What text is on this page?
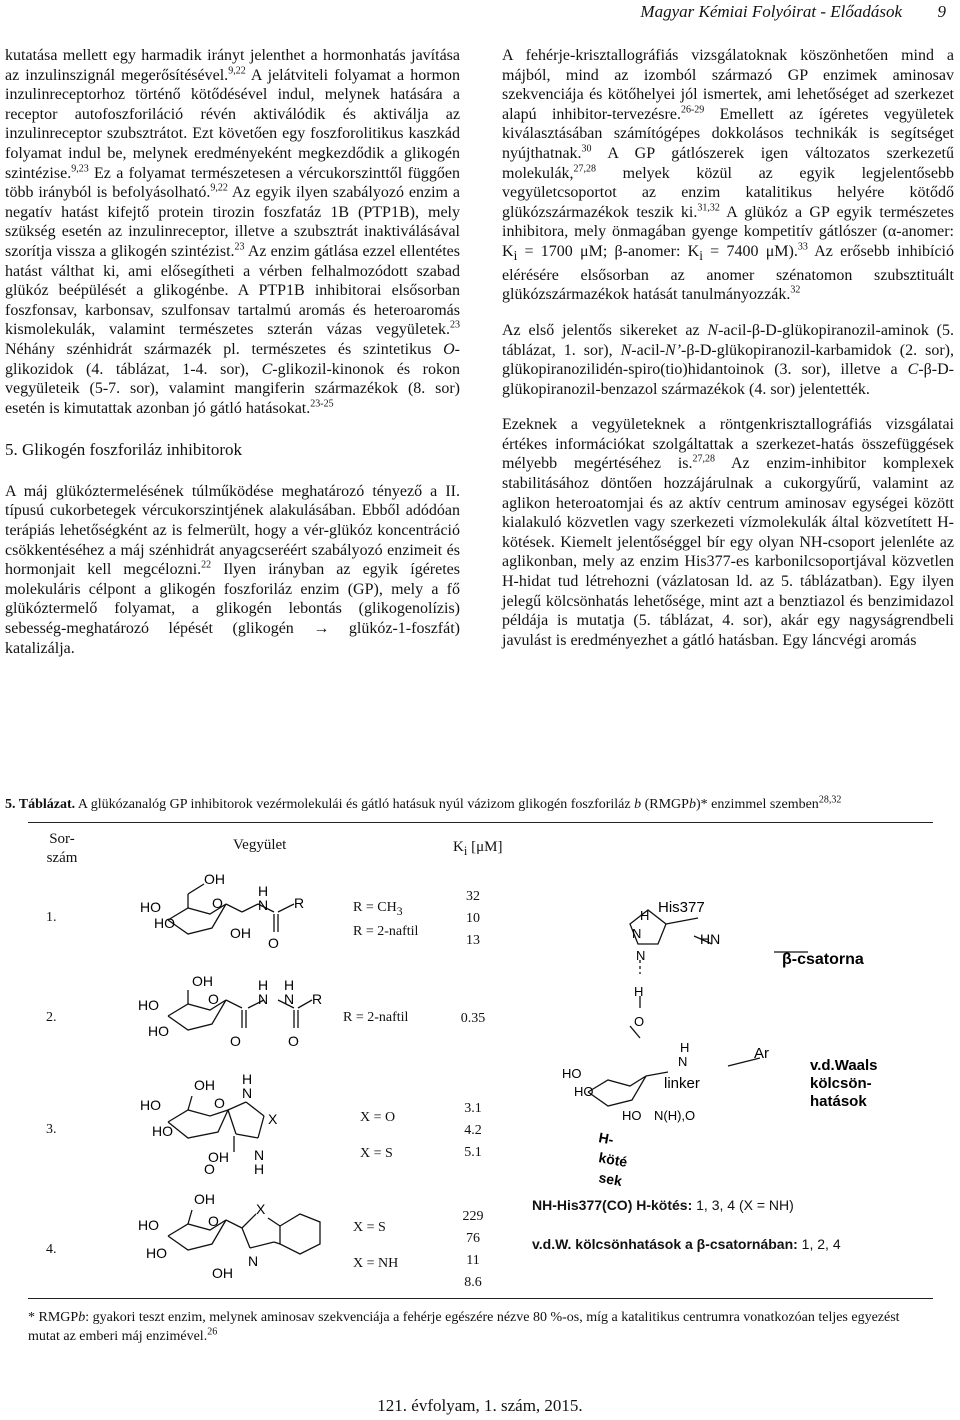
Magyar Kémiai Folyóirat - Előadások 9

kutatása mellett egy harmadik irányt jelenthet a hormonhatás javítása az inzulinszignál megerősítésével.$^{9,22}$ A jelátviteli folyamat a hormon inzulinreceptorhoz történő kötődésével indul, melynek hatására a receptor autofoszforiláció révén aktiválódik és aktiválja az inzulinreceptor szubsztrátot. Ezt követően egy foszforolitikus kaszkád folyamat indul be, melynek eredményeként megkezdődik a glikogén szintézise.$^{9,23}$ Ez a folyamat természetesen a vércukorszinttől függően több irányból is befolyásolható.$^{9,22}$ Az egyik ilyen szabályozó enzim a negatív hatást kifejtő protein tirozin foszfatáz 1B (PTP1B), mely szükség esetén az inzulinreceptor, illetve a szubsztrát inaktiválásával szorítja vissza a glikogén szintézist.$^{23}$ Az enzim gátlása ezzel ellentétes hatást válthat ki, ami elősegítheti a vérben felhalmozódott szabad glükóz beépülését a glikogénbe. A PTP1B inhibitorai elsősorban foszfonsav, karbonsav, szulfonsav tartalmú aromás és heteroaromás kismolekulák, valamint természetes szterán vázas vegyületek.$^{23}$ Néhány szénhidrát származék pl. természetes és szintetikus O-glikozidok (4. táblázat, 1-4. sor), C-glikozil-kinonok és rokon vegyületeik (5-7. sor), valamint mangiferin származékok (8. sor) esetén is kimutattak azonban jó gátló hatásokat.$^{23-25}$

5. Glikogén foszforiláz inhibitorok

A máj glükóztermelésének túlműködése meghatározó tényező a II. típusú cukorbetegek vércukorszintjének alakulásában. Ebből adódóan terápiás lehetőségként az is felmerült, hogy a vér-glükóz koncentráció csökkentéséhez a máj szénhidrát anyagcseréért szabályozó enzimeit és hormonjait kell megcélozni.$^{22}$ Ilyen irányban az egyik ígéretes molekuláris célpont a glikogén foszforiláz enzim (GP), mely a fő glükóztermelő folyamat, a glikogén lebontás (glikogenolízis) sebesség-meghatározó lépését (glikogén → glükóz-1-foszfát) katalizálja.

A fehérje-krisztallográfiás vizsgálatoknak köszönhetően mind a májból, mind az izomból származó GP enzimek aminosav szekvenciája és kötőhelyei jól ismertek, ami lehetőséget ad szerkezet alapú inhibitor-tervezésre.$^{26-29}$ Emellett az ígéretes vegyületek kiválasztásában számítógépes dokkolásos technikák is segítséget nyújthatnak.$^{30}$ A GP gátlószerek igen változatos szerkezetű molekulák,$^{27,28}$ melyek közül az egyik legjelentősebb vegyületcsoportot az enzim katalitikus helyére kötődő glükózszármazékok teszik ki.$^{31,32}$ A glükóz a GP egyik természetes inhibitora, mely önmagában gyenge kompetitív gátlószer (α-anomer: $K_i = 1700$ μM; β-anomer: $K_i = 7400$ μM).$^{33}$ Az erősebb inhibíció elérésére elsősorban az anomer szénatomon szubsztituált glükózszármazékok hatását tanulmányozzák.$^{32}$

Az első jelentős sikereket az N-acil-β-D-glükopiranozil-aminok (5. táblázat, 1. sor), N-acil-N’-β-D-glükopiranozil-karbamidok (2. sor), glükopiranozilidén-spiro(tio)hidantoinok (3. sor), illetve a C-β-D-glükopiranozil-benzazol származékok (4. sor) jelentették.

Ezeknek a vegyületeknek a röntgenkrisztallográfiás vizsgálatai értékes információkat szolgáltattak a szerkezet-hatás összefüggések mélyebb megértéséhez is.$^{27,28}$ Az enzim-inhibitor komplexek stabilitásához döntően hozzájárulnak a cukorgyűrű, valamint az aglikon heteroatomjai és az aktív centrum aminosav egységei között kialakuló közvetlen vagy szerkezeti vízmolekulák által közvetített H-kötések. Kiemelt jelentőséggel bír egy olyan NH-csoport jelenléte az aglikonban, mely az enzim His377-es karbonilcsoportjával közvetlen H-hidat tud létrehozni (vázlatosan ld. az 5. táblázatban). Egy ilyen jelegű kölcsönhatás lehetősége, mint azt a benztiazol és benzimidazol példája is mutatja (5. táblázat, 4. sor), akár egy nagyságrendbeli javulást is eredményezhet a gátló hatásban. Egy láncvégi aromás

5. Táblázat. A glükózanalóg GP inhibitorok vezérmolekulái és gátló hatásuk nyúl vázizom glikogén foszforiláz b (RMGPb)* enzimmel szemben$^{28,32}$
Sor-
szám
Vegyület	$K_i$ [μM]
1.
2.
3.
4.
$R = CH_3$
R = 2-naftil
R = 2-naftil
X = O
X = S
X = S
X = NH
32
10
13
0.35
3.1
4.2
5.1
229
76
11
8.6
OH
HO
HO
O
OH
N
H
R
O
OH
HO
HO
O
O
N
H
N
H
O
R
OH
HO
HO
O
OH
N
H
X
O
N
H
OH
HO
HO
O
X
N
OH
H
N
His377
HN
N
H
O
H
N
linker
Ar
HO
HO
HO N(H),O
β-csatorna
v.d.Waals
kölcsön-
hatások
H-
köté
sek
NH-His377(CO) H-kötés: 1, 3, 4 (X = NH)
v.d.W. kölcsönhatások a β-csatornában: 1, 2, 4
* RMGPb: gyakori teszt enzim, melynek aminosav szekvenciája a fehérje egészére nézve 80 %-os, míg a katalitikus centrumra vonatkozóan teljes egyezést mutat az emberi máj enzimével.$^{26}$
121. évfolyam, 1. szám, 2015.
